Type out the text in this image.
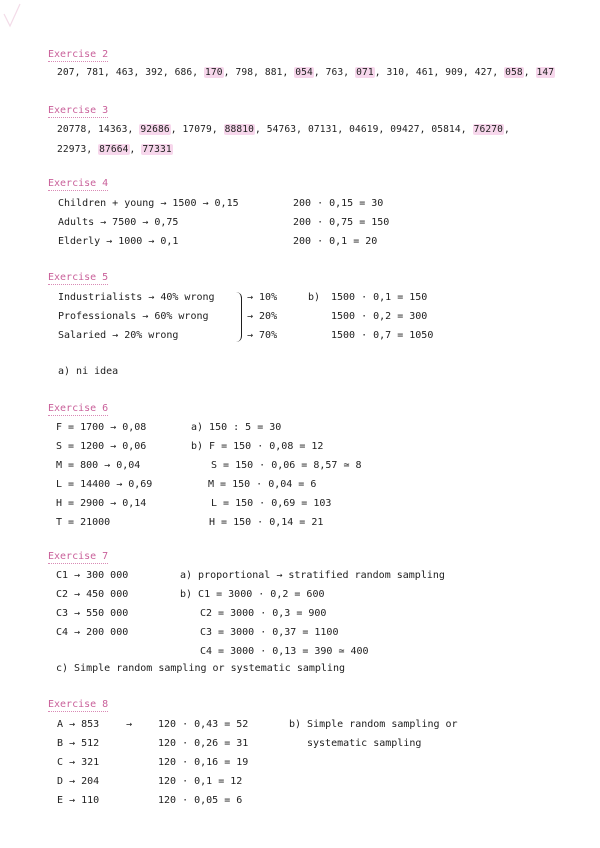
Exercise 2
207, 781, 463, 392, 686, 170, 798, 881, 054, 763, 071, 310, 461, 909, 427, 058, 147
Exercise 3
20778, 14363, 92686, 17079, 88810, 54763, 07131, 04619, 09427, 05814, 76270,
22973, 87664, 77331
Exercise 4
Children + young → 1500 → 0,15
Adults → 7500 → 0,75
Elderly → 1000 → 0,1
200 · 0,15 = 30
200 · 0,75 = 150
200 · 0,1 = 20
Exercise 5
Industrialists → 40% wrong
Professionals → 60% wrong
Salaried → 20% wrong
→ 10%
→ 20%
→ 70%
b) 1500 · 0,1 = 150
1500 · 0,2 = 300
1500 · 0,7 = 1050
a) ni idea
Exercise 6
F = 1700 → 0,08
S = 1200 → 0,06
M = 800 → 0,04
L = 14400 → 0,69
H = 2900 → 0,14
T = 21000
a) 150 : 5 = 30
b) F = 150 · 0,08 = 12
S = 150 · 0,06 = 8,57 ≃ 8
M = 150 · 0,04 = 6
L = 150 · 0,69 = 103
H = 150 · 0,14 = 21
Exercise 7
C1 → 300 000
C2 → 450 000
C3 → 550 000
C4 → 200 000
a) proportional → stratified random sampling
b) C1 = 3000 · 0,2 = 600
C2 = 3000 · 0,3 = 900
C3 = 3000 · 0,37 = 1100
C4 = 3000 · 0,13 = 390 ≃ 400
c) Simple random sampling or systematic sampling
Exercise 8
A → 853
B → 512
C → 321
D → 204
E → 110
→	120 · 0,43 = 52
120 · 0,26 = 31
120 · 0,16 = 19
120 · 0,1 = 12
120 · 0,05 = 6
b) Simple random sampling or
systematic sampling
